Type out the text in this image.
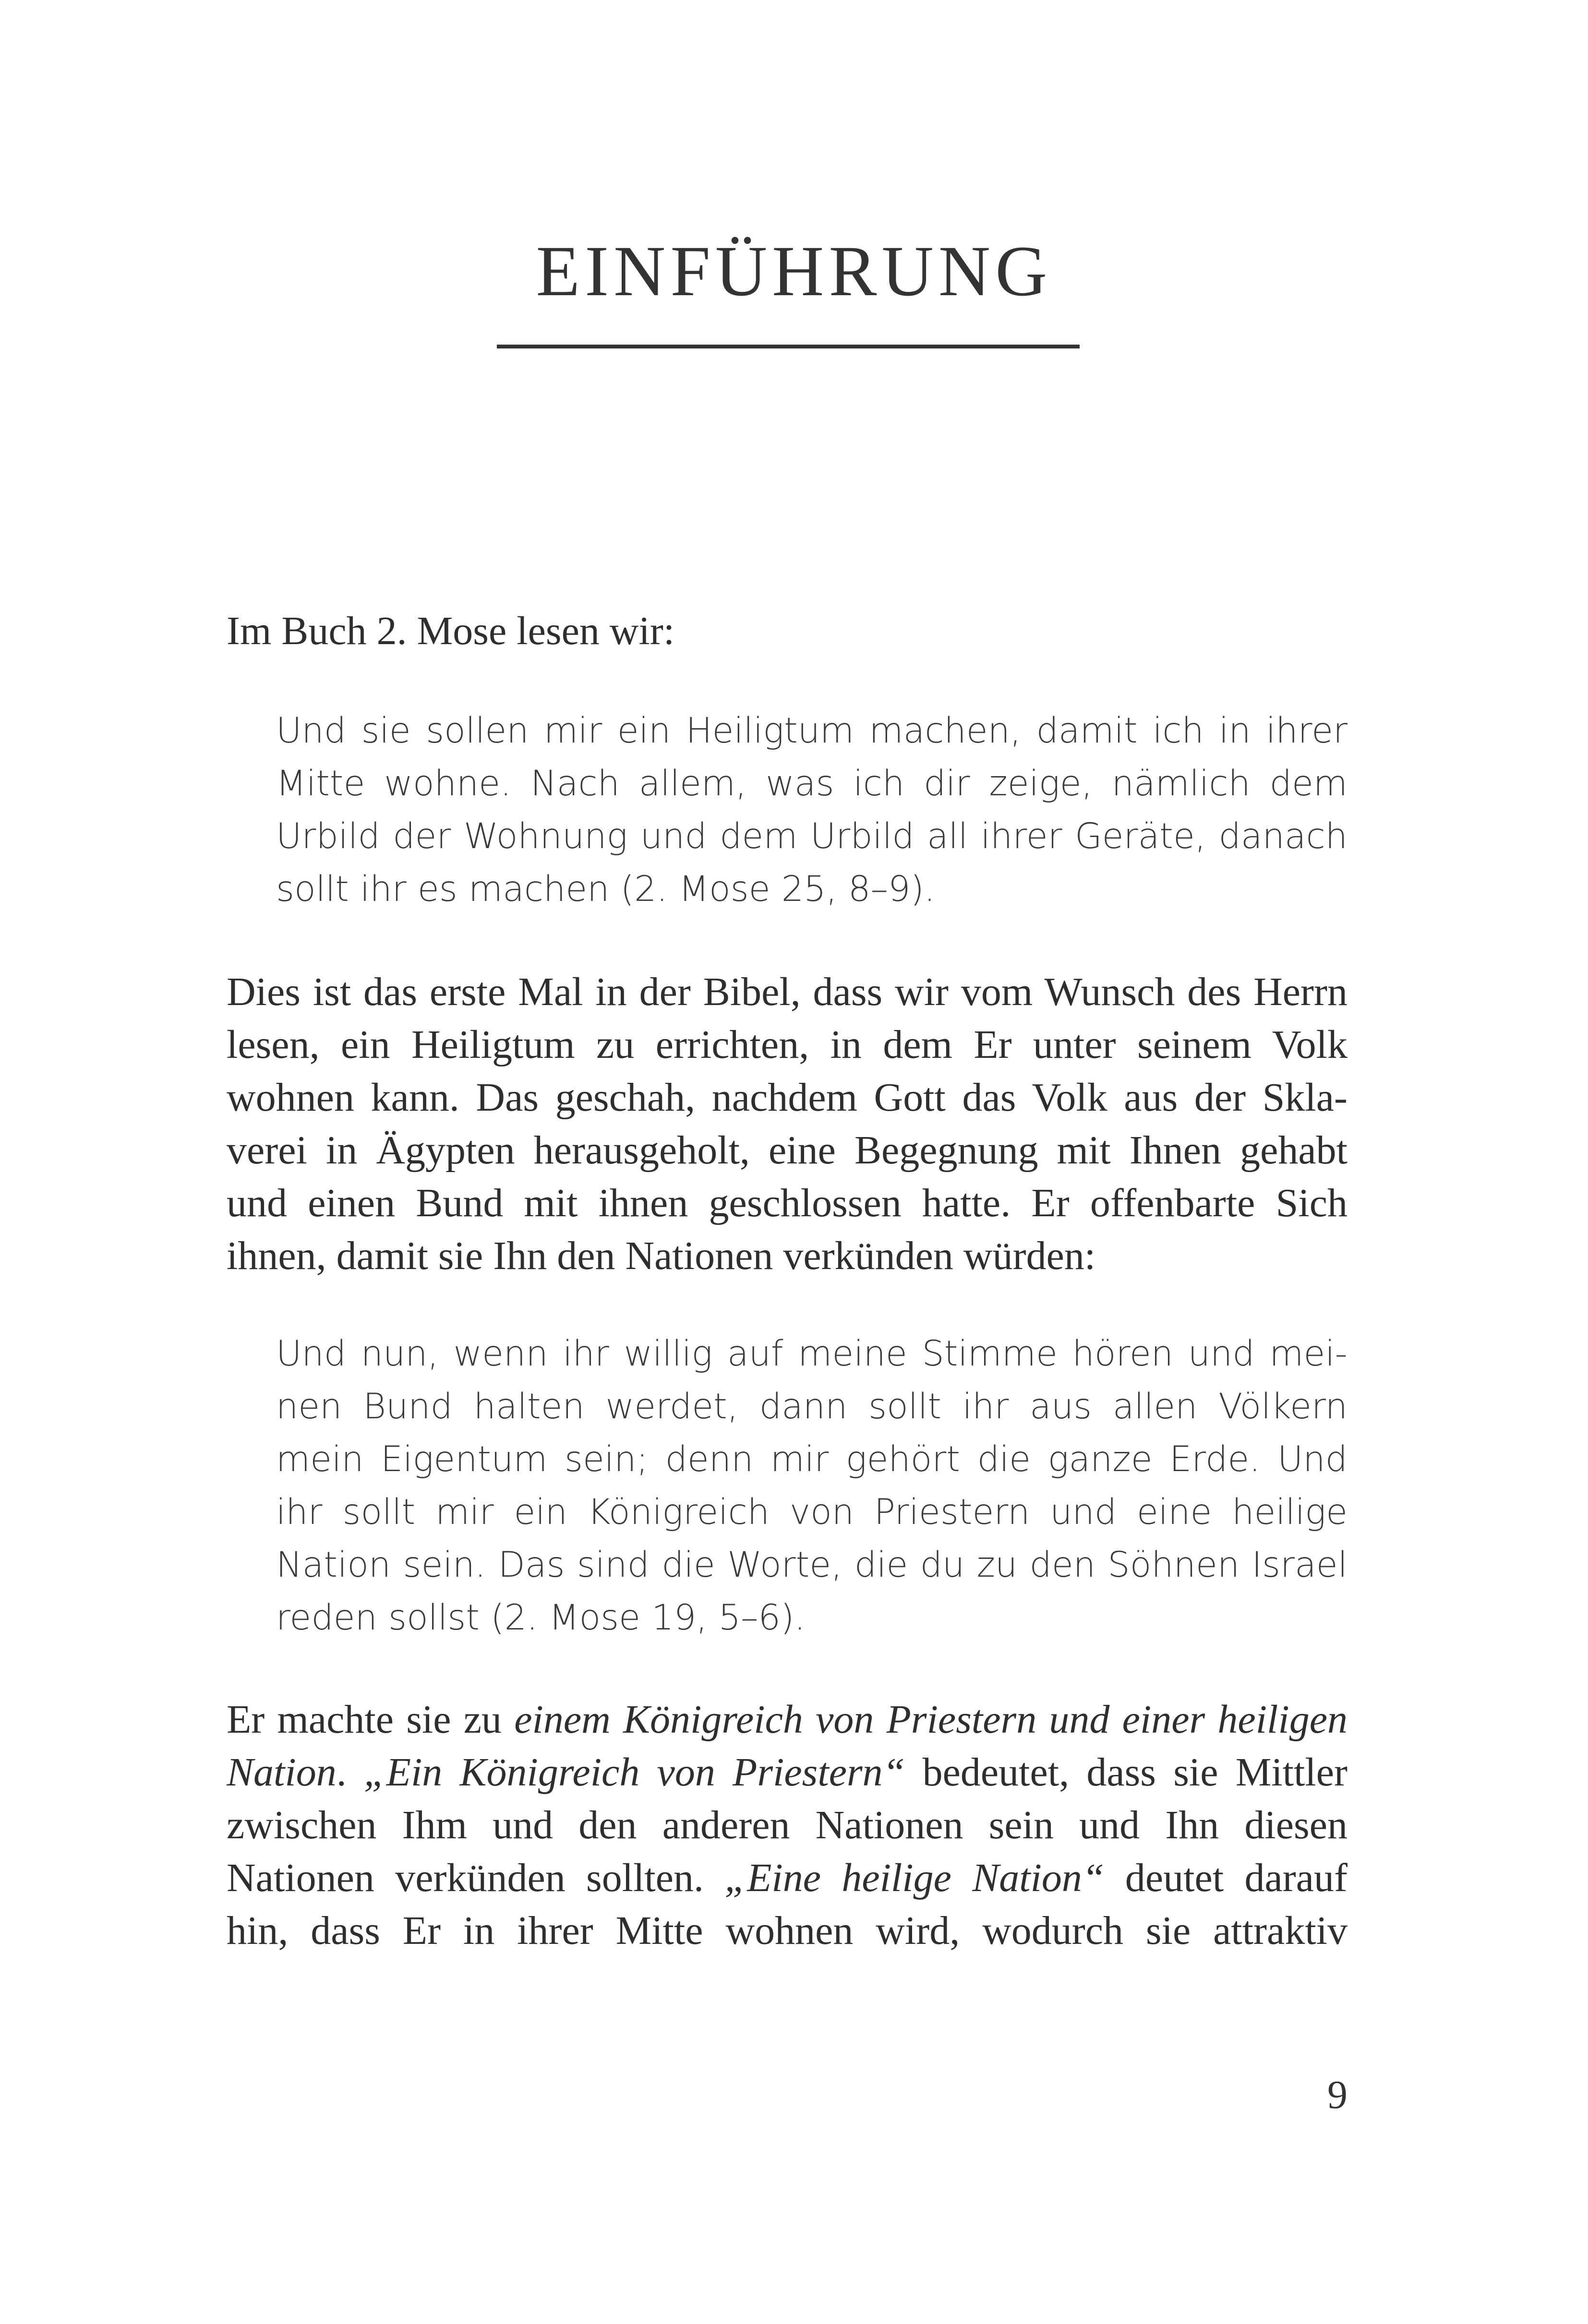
EINFÜHRUNG

Im Buch 2. Mose lesen wir:

Und sie sollen mir ein Heiligtum machen, damit ich in ihrer
Mitte wohne. Nach allem, was ich dir zeige, nämlich dem
Urbild der Wohnung und dem Urbild all ihrer Geräte, danach
sollt ihr es machen (2. Mose 25, 8–9).

Dies ist das erste Mal in der Bibel, dass wir vom Wunsch des Herrn
lesen, ein Heiligtum zu errichten, in dem Er unter seinem Volk
wohnen kann. Das geschah, nachdem Gott das Volk aus der Skla-
verei in Ägypten herausgeholt, eine Begegnung mit Ihnen gehabt
und einen Bund mit ihnen geschlossen hatte. Er offenbarte Sich
ihnen, damit sie Ihn den Nationen verkünden würden:

Und nun, wenn ihr willig auf meine Stimme hören und mei-
nen Bund halten werdet, dann sollt ihr aus allen Völkern
mein Eigentum sein; denn mir gehört die ganze Erde. Und
ihr sollt mir ein Königreich von Priestern und eine heilige
Nation sein. Das sind die Worte, die du zu den Söhnen Israel
reden sollst (2. Mose 19, 5–6).

Er machte sie zu einem Königreich von Priestern und einer heiligen
Nation. „Ein Königreich von Priestern“ bedeutet, dass sie Mittler
zwischen Ihm und den anderen Nationen sein und Ihn diesen
Nationen verkünden sollten. „Eine heilige Nation“ deutet darauf
hin, dass Er in ihrer Mitte wohnen wird, wodurch sie attraktiv

9
